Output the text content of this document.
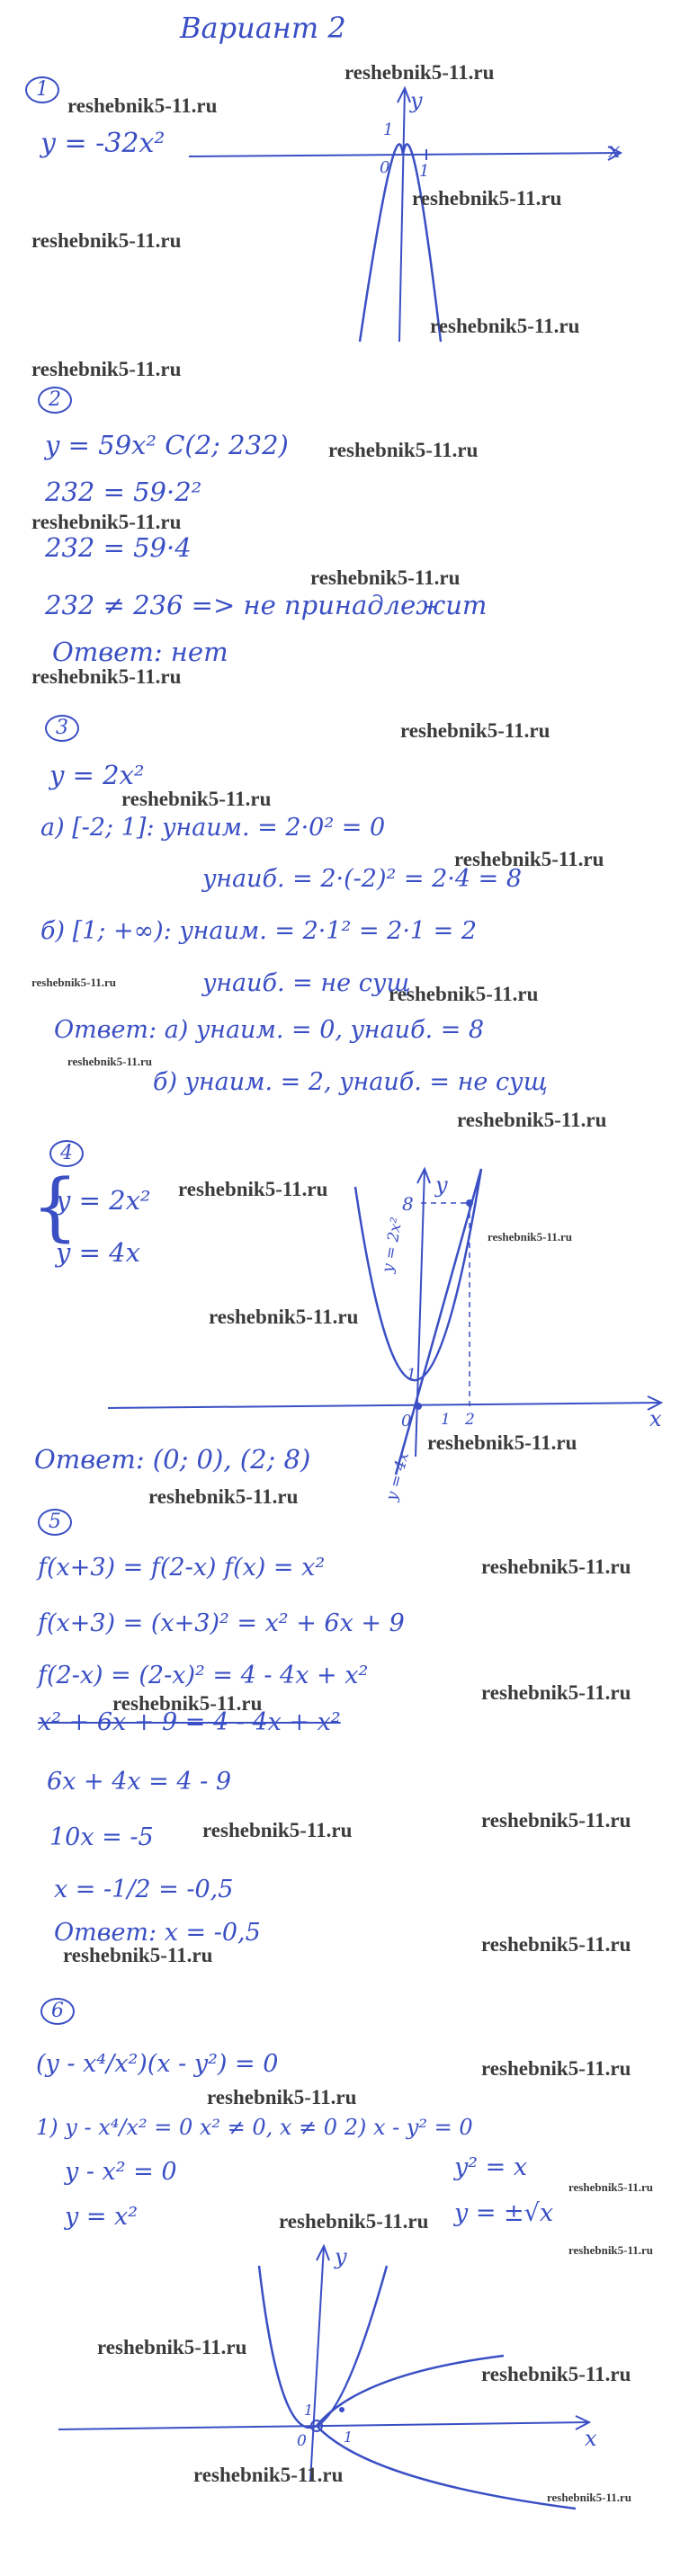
Вариант 2
1
y = -32x²	x
y
1
1
0
2
y = 59x² C(2; 232)
232 = 59·2²
232 = 59·4
232 ≠ 236 => не принадлежит
Ответ: нет
3
y = 2x²
а) [-2; 1]: yнаим. = 2·0² = 0
yнаиб. = 2·(-2)² = 2·4 = 8
б) [1; +∞): yнаим. = 2·1² = 2·1 = 2
yнаиб. = не сущ
Ответ: а) yнаим. = 0, yнаиб. = 8
б) yнаим. = 2, yнаиб. = не сущ
4
{
y = 2x²
y = 4x
8
1
1 2
0	x
y
y = 2x²
y = 4x
Ответ: (0; 0), (2; 8)
5
f(x+3) = f(2-x) f(x) = x²
f(x+3) = (x+3)² = x² + 6x + 9
f(2-x) = (2-x)² = 4 - 4x + x²
x² + 6x + 9 = 4 - 4x + x²
6x + 4x = 4 - 9
10x = -5
x = -1/2 = -0,5
Ответ: x = -0,5
6
(y - x⁴/x²)(x - y²) = 0
1) y - x⁴/x² = 0 x² ≠ 0, x ≠ 0 2) x - y² = 0
y - x² = 0	y² = x
y = x²	y = ±√x
x
y
1
1
0
reshebnik5-11.ru
reshebnik5-11.ru
reshebnik5-11.ru
reshebnik5-11.ru
reshebnik5-11.ru
reshebnik5-11.ru
reshebnik5-11.ru
reshebnik5-11.ru
reshebnik5-11.ru
reshebnik5-11.ru
reshebnik5-11.ru
reshebnik5-11.ru
reshebnik5-11.ru
reshebnik5-11.ru
reshebnik5-11.ru
reshebnik5-11.ru
reshebnik5-11.ru
reshebnik5-11.ru
reshebnik5-11.ru
reshebnik5-11.ru
reshebnik5-11.ru
reshebnik5-11.ru
reshebnik5-11.ru
reshebnik5-11.ru
reshebnik5-11.ru
reshebnik5-11.ru
reshebnik5-11.ru
reshebnik5-11.ru
reshebnik5-11.ru
reshebnik5-11.ru
reshebnik5-11.ru
reshebnik5-11.ru
reshebnik5-11.ru
reshebnik5-11.ru
reshebnik5-11.ru
reshebnik5-11.ru
reshebnik5-11.ru
reshebnik5-11.ru
